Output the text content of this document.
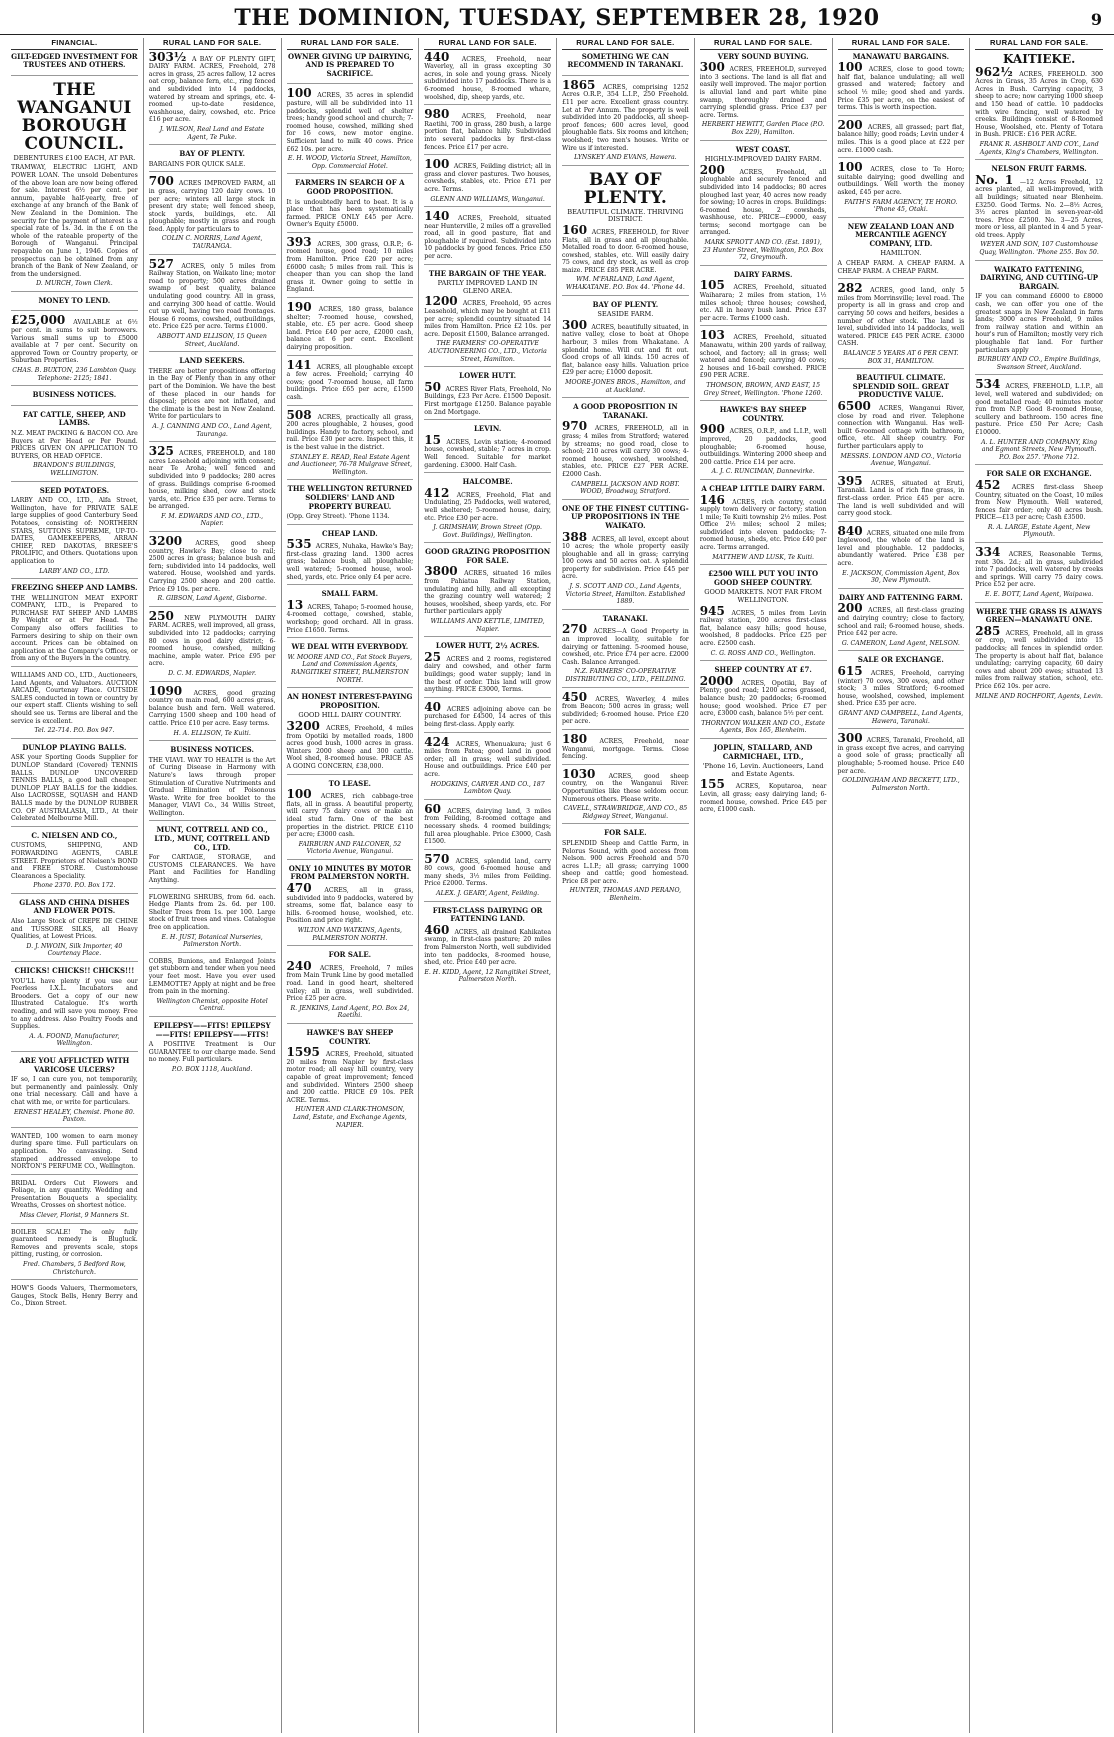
THE DOMINION, TUESDAY, SEPTEMBER 28, 1920	9
FINANCIAL.
GILT-EDGED INVESTMENT FOR TRUSTEES AND OTHERS.
THE WANGANUI BOROUGH COUNCIL.
DEBENTURES £100 EACH, AT PAR.
TRAMWAY, ELECTRIC LIGHT, AND POWER LOAN. The unsold Debentures of the above loan are now being offered for sale. Interest 6½ per cent. per annum, payable half-yearly, free of exchange at any branch of the Bank of New Zealand in the Dominion. The security for the payment of interest is a special rate of 1s. 3d. in the £ on the whole of the rateable property of the Borough of Wanganui. Principal repayable on June 1, 1946. Copies of prospectus can be obtained from any branch of the Bank of New Zealand, or from the undersigned.
D. MURCH, Town Clerk.
MONEY TO LEND.
£25,000 AVAILABLE at 6½ per cent. in sums to suit borrowers. Various small sums up to £5000 available at 7 per cent. Security on approved Town or Country property, or Suburban Properties.
CHAS. B. BUXTON, 236 Lambton Quay. Telephone: 2125; 1841.
BUSINESS NOTICES.
FAT CATTLE, SHEEP, AND LAMBS.
N.Z. MEAT PACKING & BACON CO. Are Buyers at Per Head or Per Pound. PRICES GIVEN ON APPLICATION TO BUYERS, OR HEAD OFFICE.
BRANDON'S BUILDINGS, WELLINGTON.
SEED POTATOES.
LARBY AND CO., LTD., Alfa Street, Wellington, have for PRIVATE SALE large supplies of good Canterbury Seed Potatoes, consisting of: NORTHERN STARS, SUTTONS SUPREME, UP-TO-DATES, GAMEKEEPERS, ARRAN CHIEF, RED DAKOTAS, BRESEE'S PROLIFIC, and Others. Quotations upon application to
LARBY AND CO., LTD.
FREEZING SHEEP AND LAMBS.
THE WELLINGTON MEAT EXPORT COMPANY, LTD., is Prepared to PURCHASE FAT SHEEP AND LAMBS By Weight or at Per Head. The Company also offers facilities to Farmers desiring to ship on their own account. Prices can be obtained on application at the Company's Offices, or from any of the Buyers in the country.
WILLIAMS AND CO., LTD., Auctioneers, Land Agents, and Valuators. AUCTION ARCADE, Courtenay Place. OUTSIDE SALES conducted in town or country by our expert staff. Clients wishing to sell should see us. Terms are liberal and the service is excellent.
Tel. 22-714. P.O. Box 947.
DUNLOP PLAYING BALLS.
ASK your Sporting Goods Supplier for DUNLOP Standard (Covered) TENNIS BALLS. DUNLOP UNCOVERED TENNIS BALLS, a good ball cheaper. DUNLOP PLAY BALLS for the kiddies. Also LACROSSE, SQUASH and HAND BALLS made by the DUNLOP RUBBER CO. OF AUSTRALASIA, LTD., At their Celebrated Melbourne Mill.
C. NIELSEN AND CO.,
CUSTOMS, SHIPPING, AND FORWARDING AGENTS, CABLE STREET. Proprietors of Nielsen's BOND and FREE STORE. Customhouse Clearances a Speciality.
Phone 2370. P.O. Box 172.
GLASS AND CHINA DISHES AND FLOWER POTS.
Also Large Stock of CREPE DE CHINE and TUSSORE SILKS, all Heavy Qualities, at Lowest Prices.
D. J. NWOIN, Silk Importer, 40 Courtenay Place.
CHICKS! CHICKS!! CHICKS!!!
YOU'LL have plenty if you use our Peerless I.X.L. Incubators and Brooders. Get a copy of our new Illustrated Catalogue. It's worth reading, and will save you money. Free to any address. Also Poultry Foods and Supplies.
A. A. FOOND, Manufacturer, Wellington.
ARE YOU AFFLICTED WITH VARICOSE ULCERS?
IF so, I can cure you, not temporarily, but permanently and painlessly. Only one trial necessary. Call and have a chat with me, or write for particulars.
ERNEST HEALEY, Chemist. Phone 80. Paxton.
WANTED, 100 women to earn money during spare time. Full particulars on application. No canvassing. Send stamped addressed envelope to NORTON'S PERFUME CO., Wellington.
BRIDAL Orders Cut Flowers and Foliage, in any quantity. Wedding and Presentation Bouquets a speciality. Wreaths, Crosses on shortest notice.
Miss Clever, Florist, 9 Manners St.
BOILER SCALE! The only fully guaranteed remedy is Blugluck. Removes and prevents scale, stops pitting, rusting, or corrosion.
Fred. Chambers, 5 Bedford Row, Christchurch.
HOW'S Goods Valuers, Thermometers, Gauges, Stock Bells, Henry Berry and Co., Dixon Street.
RURAL LAND FOR SALE.
303½ A BAY OF PLENTY GIFT, DAIRY FARM. ACRES, Freehold, 278 acres in grass, 25 acres fallow, 12 acres oat crop, balance fern, etc., ring fenced and subdivided into 14 paddocks, watered by stream and springs, etc. 4-roomed up-to-date residence, washhouse, dairy, cowshed, etc. Price £16 per acre.
J. WILSON, Real Land and Estate Agent, Te Puke.
BAY OF PLENTY.
BARGAINS FOR QUICK SALE.
700 ACRES IMPROVED FARM, all in grass, carrying 120 dairy cows. 10 per acre; winters all large stock in present dry state; well fenced sheep, stock yards, buildings, etc. All ploughable; mostly in grass and rough feed. Apply for particulars to
COLIN C. NORRIS, Land Agent, TAURANGA.
527 ACRES, only 5 miles from Railway Station, on Waikato line; motor road to property; 500 acres drained swamp of best quality, balance undulating good country. All in grass, and carrying 300 head of cattle. Would cut up well, having two road frontages. House 6 rooms, cowshed, outbuildings, etc. Price £25 per acre. Terms £1000.
ABBOTT AND ELLISON, 15 Queen Street, Auckland.
LAND SEEKERS.
THERE are better propositions offering in the Bay of Plenty than in any other part of the Dominion. We have the best of these placed in our hands for disposal; prices are not inflated, and the climate is the best in New Zealand. Write for particulars to
A. J. CANNING AND CO., Land Agent, Tauranga.
325 ACRES, FREEHOLD, and 180 acres Leasehold adjoining with consent; near Te Aroha; well fenced and subdivided into 9 paddocks; 280 acres of grass. Buildings comprise 6-roomed house, milking shed, cow and stock yards, etc. Price £35 per acre. Terms to be arranged.
F. M. EDWARDS AND CO., LTD., Napier.
3200 ACRES, good sheep country, Hawke's Bay; close to rail; 2500 acres in grass; balance bush and fern; subdivided into 14 paddocks, well watered. House, woolshed and yards. Carrying 2500 sheep and 200 cattle. Price £9 10s. per acre.
R. GIBSON, Land Agent, Gisborne.
250 NEW PLYMOUTH DAIRY FARM. ACRES, well improved, all grass, subdivided into 12 paddocks; carrying 80 cows in good dairy district; 6-roomed house, cowshed, milking machine, ample water. Price £95 per acre.
D. C. M. EDWARDS, Napier.
1090 ACRES, good grazing country on main road, 600 acres grass, balance bush and fern. Well watered. Carrying 1500 sheep and 100 head of cattle. Price £10 per acre. Easy terms.
H. A. ELLISON, Te Kuiti.
BUSINESS NOTICES.
THE VIAVI. WAY TO HEALTH is the Art of Curing Disease in Harmony with Nature's laws through proper Stimulation of Curative Nutriments and Gradual Elimination of Poisonous Waste. Write for free booklet to the Manager, VIAVI Co., 34 Willis Street, Wellington.
MUNT, COTTRELL AND CO., LTD., MUNT, COTTRELL AND CO., LTD.
For CARTAGE, STORAGE, and CUSTOMS CLEARANCES. We have Plant and Facilities for Handling Anything.
FLOWERING SHRUBS, from 6d. each. Hedge Plants from 2s. 6d. per 100. Shelter Trees from 1s. per 100. Large stock of fruit trees and vines. Catalogue free on application.
E. H. JUST, Botanical Nurseries, Palmerston North.
COBBS, Bunions, and Enlarged Joints get stubborn and tender when you need your feet most. Have you ever used LEMMOTTE? Apply at night and be free from pain in the morning.
Wellington Chemist, opposite Hotel Central.
EPILEPSY——FITS! EPILEPSY——FITS! EPILEPSY——FITS!
A POSITIVE Treatment is Our GUARANTEE to our charge made. Send no money. Full particulars.
P.O. BOX 1118, Auckland.
RURAL LAND FOR SALE.
OWNER GIVING UP DAIRYING, AND IS PREPARED TO SACRIFICE.
100 ACRES, 35 acres in splendid pasture, will all be subdivided into 11 paddocks, splendid well of shelter trees; handy good school and church; 7-roomed house, cowshed, milking shed for 16 cows, new motor engine. Sufficient land to milk 40 cows. Price £62 10s. per acre.
E. H. WOOD, Victoria Street, Hamilton, Opp. Commercial Hotel.
FARMERS IN SEARCH OF A GOOD PROPOSITION.
It is undoubtedly hard to beat. It is a place that has been systematically farmed. PRICE ONLY £45 per Acre. Owner's Equity £5000.
393 ACRES, 300 grass, O.R.P.; 6-roomed house, good road; 10 miles from Hamilton. Price £20 per acre; £6000 cash; 5 miles from rail. This is cheaper than you can shop the land grass it. Owner going to settle in England.
190 ACRES, 180 grass, balance shelter; 7-roomed house, cowshed, stable, etc. £5 per acre. Good sheep land. Price £40 per acre, £2000 cash, balance at 6 per cent. Excellent dairying proposition.
141 ACRES, all ploughable except a few acres. Freehold; carrying 40 cows; good 7-roomed house, all farm buildings. Price £65 per acre, £1500 cash.
508 ACRES, practically all grass, 200 acres ploughable, 2 houses, good buildings. Handy to factory, school, and rail. Price £30 per acre. Inspect this, it is the best value in the district.
STANLEY E. READ, Real Estate Agent and Auctioneer, 76-78 Mulgrave Street, Wellington.
THE WELLINGTON RETURNED SOLDIERS' LAND AND PROPERTY BUREAU.
(Opp. Grey Street). 'Phone 1134.
CHEAP LAND.
535 ACRES, Nuhaka, Hawke's Bay; first-class grazing land. 1300 acres grass; balance bush, all ploughable; well watered; 5-roomed house, wool-shed, yards, etc. Price only £4 per acre.
SMALL FARM.
13 ACRES, Tahapo; 5-roomed house, 4-roomed cottage, cowshed, stable, workshop; good orchard. All in grass. Price £1650. Terms.
WE DEAL WITH EVERYBODY.
W. MOORE AND CO., Fat Stock Buyers, Land and Commission Agents, RANGITIKEI STREET, PALMERSTON NORTH.
AN HONEST INTEREST-PAYING PROPOSITION.
GOOD HILL DAIRY COUNTRY.
3200 ACRES, Freehold, 4 miles from Opotiki by metalled roads, 1800 acres good bush, 1000 acres in grass. Winters 2000 sheep and 300 cattle. Wool shed, 8-roomed house. PRICE AS A GOING CONCERN, £38,000.
TO LEASE.
100 ACRES, rich cabbage-tree flats, all in grass. A beautiful property, will carry 75 dairy cows or make an ideal stud farm. One of the best properties in the district. PRICE £110 per acre; £3000 cash.
FAIRBURN AND FALCONER, 52 Victoria Avenue, Wanganui.
ONLY 10 MINUTES BY MOTOR FROM PALMERSTON NORTH.
470 ACRES, all in grass, subdivided into 9 paddocks, watered by streams, some flat, balance easy to hills. 6-roomed house, woolshed, etc. Position and price right.
WILTON AND WATKINS, Agents, PALMERSTON NORTH.
FOR SALE.
240 ACRES, Freehold, 7 miles from Main Trunk Line by good metalled road. Land in good heart, sheltered valley; all in grass, well subdivided. Price £25 per acre.
R. JENKINS, Land Agent, P.O. Box 24, Raetihi.
HAWKE'S BAY SHEEP COUNTRY.
1595 ACRES, Freehold, situated 20 miles from Napier by first-class motor road; all easy hill country, very capable of great improvement; fenced and subdivided. Winters 2500 sheep and 200 cattle. PRICE £9 10s. PER ACRE. Terms.
HUNTER AND CLARK-THOMSON, Land, Estate, and Exchange Agents, NAPIER.
RURAL LAND FOR SALE.
440 ACRES, Freehold, near Waverley, all in grass excepting 30 acres, in sole and young grass. Nicely subdivided into 17 paddocks. There is a 6-roomed house, 8-roomed whare, woolshed, dip, sheep yards, etc.
980 ACRES, Freehold, near Raetihi, 700 in grass, 280 bush, a large portion flat, balance hilly. Subdivided into several paddocks by first-class fences. Price £17 per acre.
100 ACRES, Feilding district; all in grass and clover pastures. Two houses, cowsheds, stables, etc. Price £71 per acre. Terms.
GLENN AND WILLIAMS, Wanganui.
140 ACRES, Freehold, situated near Hunterville, 2 miles off a gravelled road, all in good pasture, flat and ploughable if required. Subdivided into 10 paddocks by good fences. Price £50 per acre.
THE BARGAIN OF THE YEAR.
PARTLY IMPROVED LAND IN GLENO AREA.
1200 ACRES, Freehold, 95 acres Leasehold, which may be bought at £11 per acre; splendid country situated 14 miles from Hamilton. Price £2 10s. per acre. Deposit £1500, Balance arranged.
THE FARMERS' CO-OPERATIVE AUCTIONEERING CO., LTD., Victoria Street, Hamilton.
LOWER HUTT.
50 ACRES River Flats, Freehold, No Buildings, £23 Per Acre. £1500 Deposit. First mortgage £1250. Balance payable on 2nd Mortgage.
LEVIN.
15 ACRES, Levin station; 4-roomed house, cowshed, stable; 7 acres in crop. Well fenced. Suitable for market gardening. £3000. Half Cash.
HALCOMBE.
412 ACRES, Freehold, Flat and Undulating, 25 Paddocks, well watered, well sheltered; 5-roomed house, dairy, etc. Price £30 per acre.
J. GRIMSHAW, Brown Street (Opp. Govt. Buildings), Wellington.
GOOD GRAZING PROPOSITION FOR SALE.
3800 ACRES, situated 16 miles from Pahiatua Railway Station, undulating and hilly, and all excepting the grazing country well watered; 2 houses, woolshed, sheep yards, etc. For further particulars apply
WILLIAMS AND KETTLE, LIMITED, Napier.
LOWER HUTT, 2½ ACRES.
25 ACRES and 2 rooms, registered dairy and cowshed, and other farm buildings; good water supply; land in the best of order. This land will grow anything. PRICE £3000, Terms.
40 ACRES adjoining above can be purchased for £4500, 14 acres of this being first-class. Apply early.
424 ACRES, Whenuakura; just 6 miles from Patea; good land in good order; all in grass; well subdivided. House and outbuildings. Price £40 per acre.
HODGKINS, CARVER AND CO., 187 Lambton Quay.
60 ACRES, dairying land, 3 miles from Feilding, 8-roomed cottage and necessary sheds. 4 roomed buildings; full area ploughable. Price £3000, Cash £1500.
570 ACRES, splendid land, carry 80 cows, good 6-roomed house and many sheds, 3½ miles from Feilding. Price £2000. Terms.
ALEX. J. GEARY, Agent, Feilding.
FIRST-CLASS DAIRYING OR FATTENING LAND.
460 ACRES, all drained Kahikatea swamp, in first-class pasture; 20 miles from Palmerston North, well subdivided into ten paddocks, 8-roomed house, shed, etc. Price £40 per acre.
E. H. KIDD, Agent, 12 Rangitikei Street, Palmerston North.
RURAL LAND FOR SALE.
SOMETHING WE CAN RECOMMEND IN TARANAKI.
1865 ACRES, comprising 1252 Acres O.R.P., 354 L.I.P., 250 Freehold. £11 per acre. Excellent grass country. Let at Per Annum. The property is well subdivided into 20 paddocks, all sheep-proof fences; 600 acres level, good ploughable flats. Six rooms and kitchen; woolshed; two men's houses. Write or Wire us if interested.
LYNSKEY AND EVANS, Hawera.
BAY OF PLENTY.
BEAUTIFUL CLIMATE. THRIVING DISTRICT.
160 ACRES, FREEHOLD, for River Flats, all in grass and all ploughable. Metalled road to door. 6-roomed house, cowshed, stables, etc. Will easily dairy 75 cows, and dry stock, as well as crop maize. PRICE £85 PER ACRE.
WM. M'FARLAND, Land Agent, WHAKATANE. P.O. Box 44. 'Phone 44.
BAY OF PLENTY.
SEASIDE FARM.
300 ACRES, beautifully situated, in native valley, close to boat at Ohope harbour, 3 miles from Whakatane. A splendid home. Will cut and fit out. Good crops of all kinds. 150 acres of flat, balance easy hills. Valuation price £29 per acre; £1000 deposit.
MOORE-JONES BROS., Hamilton, and at Auckland.
A GOOD PROPOSITION IN TARANAKI.
970 ACRES, FREEHOLD, all in grass; 4 miles from Stratford; watered by streams; no good road, close to school; 210 acres will carry 30 cows; 4-roomed house, cowshed, woolshed, stables, etc. PRICE £27 PER ACRE. £2000 Cash.
CAMPBELL JACKSON AND ROBT. WOOD, Broadway, Stratford.
ONE OF THE FINEST CUTTING-UP PROPOSITIONS IN THE WAIKATO.
388 ACRES, all level, except about 10 acres; the whole property easily ploughable and all in grass; carrying 100 cows and 50 acres oat. A splendid property for subdivision. Price £45 per acre.
J. S. SCOTT AND CO., Land Agents, Victoria Street, Hamilton. Established 1889.
TARANAKI.
270 ACRES—A Good Property in an improved locality, suitable for dairying or fattening. 5-roomed house, cowshed, etc. Price £74 per acre. £2000 Cash. Balance Arranged.
N.Z. FARMERS' CO-OPERATIVE DISTRIBUTING CO., LTD., FEILDING.
450 ACRES, Waverley, 4 miles from Beacon; 500 acres in grass; well subdivided; 6-roomed house. Price £20 per acre.
180 ACRES, Freehold, near Wanganui, mortgage. Terms. Close fencing.
1030 ACRES, good sheep country, on the Wanganui River. Opportunities like these seldom occur. Numerous others. Please write.
CAVELL, STRAWBRIDGE, AND CO., 85 Ridgway Street, Wanganui.
FOR SALE.
SPLENDID Sheep and Cattle Farm, in Pelorus Sound, with good access from Nelson. 900 acres Freehold and 570 acres L.I.P.; all grass; carrying 1000 sheep and cattle; good homestead. Price £8 per acre.
HUNTER, THOMAS AND PERANO, Blenheim.
RURAL LAND FOR SALE.
VERY SOUND BUYING.
300 ACRES, FREEHOLD, surveyed into 3 sections. The land is all flat and easily well improved. The major portion is alluvial land and part white pine swamp, thoroughly drained and carrying splendid grass. Price £37 per acre. Terms.
HERBERT HEWITT, Garden Place (P.O. Box 229), Hamilton.
WEST COAST.
HIGHLY-IMPROVED DAIRY FARM.
200 ACRES, Freehold, all ploughable and securely fenced and subdivided into 14 paddocks; 80 acres ploughed last year, 40 acres now ready for sowing; 10 acres in crops. Buildings: 6-roomed house, 2 cowsheds, washhouse, etc. PRICE—£9000, easy terms; second mortgage can be arranged.
MARK SPROTT AND CO. (Est. 1891), 23 Hunter Street, Wellington, P.O. Box 72, Greymouth.
DAIRY FARMS.
105 ACRES, Freehold, situated Waiharara; 2 miles from station, 1½ miles school; three houses; cowshed, etc. All in heavy bush land. Price £37 per acre. Terms £1000 cash.
103 ACRES, Freehold, situated Manawatu, within 200 yards of railway, school, and factory; all in grass; well watered and fenced; carrying 40 cows; 2 houses and 16-bail cowshed. PRICE £90 PER ACRE.
THOMSON, BROWN, AND EAST, 15 Grey Street, Wellington. 'Phone 1260.
HAWKE'S BAY SHEEP COUNTRY.
900 ACRES, O.R.P., and L.I.P., well improved, 20 paddocks, good ploughable; 6-roomed house, outbuildings. Wintering 2000 sheep and 200 cattle. Price £14 per acre.
A. J. C. RUNCIMAN, Dannevirke.
A CHEAP LITTLE DAIRY FARM.
146 ACRES, rich country, could supply town delivery or factory; station 1 mile; Te Kuiti township 2½ miles. Post Office 2½ miles; school 2 miles; subdivided into eleven paddocks; 7-roomed house, sheds, etc. Price £40 per acre. Terms arranged.
MATTHEW AND LUSK, Te Kuiti.
£2500 WILL PUT YOU INTO GOOD SHEEP COUNTRY.
GOOD MARKETS. NOT FAR FROM WELLINGTON.
945 ACRES, 5 miles from Levin railway station, 200 acres first-class flat, balance easy hills; good house, woolshed, 8 paddocks. Price £25 per acre. £2500 cash.
C. G. ROSS AND CO., Wellington.
SHEEP COUNTRY AT £7.
2000 ACRES, Opotiki, Bay of Plenty; good road; 1200 acres grassed, balance bush; 20 paddocks; 6-roomed house; good woolshed. Price £7 per acre, £3000 cash, balance 5½ per cent.
THORNTON WALKER AND CO., Estate Agents, Box 165, Blenheim.
JOPLIN, STALLARD, AND CARMICHAEL, LTD.,
'Phone 16, Levin. Auctioneers, Land and Estate Agents.
155 ACRES, Koputaroa, near Levin, all grass; easy dairying land; 6-roomed house, cowshed. Price £45 per acre, £1000 cash.
RURAL LAND FOR SALE.
MANAWATU BARGAINS.
100 ACRES, close to good town; half flat, balance undulating; all well grassed and watered; factory and school ½ mile; good shed and yards. Price £35 per acre, on the easiest of terms. This is worth inspection.
200 ACRES, all grassed; part flat, balance hilly; good roads; Levin under 4 miles. This is a good place at £22 per acre. £1000 cash.
100 ACRES, close to Te Horo; suitable dairying; good dwelling and outbuildings. Well worth the money asked, £45 per acre.
FAITH'S FARM AGENCY, TE HORO. 'Phone 45, Otaki.
NEW ZEALAND LOAN AND MERCANTILE AGENCY COMPANY, LTD.
HAMILTON.
A CHEAP FARM. A CHEAP FARM. A CHEAP FARM. A CHEAP FARM.
282 ACRES, good land, only 5 miles from Morrinsville; level road. The property is all in grass and crop and carrying 50 cows and heifers, besides a number of other stock. The land is level, subdivided into 14 paddocks, well watered. PRICE £45 PER ACRE. £3000 CASH.
BALANCE 5 YEARS AT 6 PER CENT. BOX 31, HAMILTON.
BEAUTIFUL CLIMATE. SPLENDID SOIL. GREAT PRODUCTIVE VALUE.
6500 ACRES, Wanganui River, close by road and river. Telephone connection with Wanganui. Has well-built 6-roomed cottage with bathroom, office, etc. All sheep country. For further particulars apply to
MESSRS. LONDON AND CO., Victoria Avenue, Wanganui.
395 ACRES, situated at Eruti, Taranaki. Land is of rich fine grass, in first-class order. Price £45 per acre. The land is well subdivided and will carry good stock.
840 ACRES, situated one mile from Inglewood, the whole of the land is level and ploughable. 12 paddocks, abundantly watered. Price £38 per acre.
E. JACKSON, Commission Agent, Box 30, New Plymouth.
DAIRY AND FATTENING FARM.
200 ACRES, all first-class grazing and dairying country; close to factory, school and rail; 6-roomed house, sheds. Price £42 per acre.
G. CAMERON, Land Agent, NELSON.
SALE OR EXCHANGE.
615 ACRES, Freehold, carrying (winter) 70 cows, 300 ewes, and other stock; 3 miles Stratford; 6-roomed house, woolshed, cowshed, implement shed. Price £35 per acre.
GRANT AND CAMPBELL, Land Agents, Hawera, Taranaki.
300 ACRES, Taranaki, Freehold, all in grass except five acres, and carrying a good sole of grass; practically all ploughable; 5-roomed house. Price £40 per acre.
GOLDINGHAM AND BECKETT, LTD., Palmerston North.
RURAL LAND FOR SALE.
KAITIEKE.
962½ ACRES, FREEHOLD. 300 Acres in Grass, 35 Acres in Crop, 630 Acres in Bush. Carrying capacity, 3 sheep to acre; now carrying 1000 sheep and 150 head of cattle. 10 paddocks with wire fencing, well watered by creeks. Buildings consist of 8-Roomed House, Woolshed, etc. Plenty of Totara in Bush. PRICE: £16 PER ACRE.
FRANK R. ASHBOLT AND COY., Land Agents, King's Chambers, Wellington.
NELSON FRUIT FARMS.
No. 1 —12 Acres Freehold, 12 acres planted, all well-improved, with all buildings; situated near Blenheim. £3250. Good Terms. No. 2—8½ Acres, 3½ acres planted in seven-year-old trees. Price £2500. No. 3—25 Acres, more or less, all planted in 4 and 5 year-old trees. Apply
WEYER AND SON, 107 Customhouse Quay, Wellington. 'Phone 255. Box 50.
WAIKATO FATTENING, DAIRYING, AND CUTTING-UP BARGAIN.
IF you can command £6000 to £8000 cash, we can offer you one of the greatest snaps in New Zealand in farm lands; 3000 acres Freehold, 9 miles from railway station and within an hour's run of Hamilton; mostly very rich ploughable flat land. For further particulars apply
BURBURY AND CO., Empire Buildings, Swanson Street, Auckland.
534 ACRES, FREEHOLD, L.I.P., all level, well watered and subdivided; on good metalled road; 40 minutes motor run from N.P. Good 8-roomed House, scullery and bathroom. 150 acres fine pasture. Price £50 Per Acre; Cash £10000.
A. L. HUNTER AND COMPANY, King and Egmont Streets, New Plymouth. P.O. Box 257. 'Phone 712.
FOR SALE OR EXCHANGE.
452 ACRES first-class Sheep Country, situated on the Coast, 10 miles from New Plymouth. Well watered, fences fair order; only 40 acres bush. PRICE—£13 per acre; Cash £3500.
R. A. LARGE, Estate Agent, New Plymouth.
334 ACRES, Reasonable Terms, rent 30s. 2d.; all in grass, subdivided into 7 paddocks, well watered by creeks and springs. Will carry 75 dairy cows. Price £52 per acre.
E. E. BOTT, Land Agent, Waipawa.
WHERE THE GRASS IS ALWAYS GREEN—MANAWATU ONE.
285 ACRES, Freehold, all in grass or crop, well subdivided into 15 paddocks; all fences in splendid order. The property is about half flat, balance undulating; carrying capacity, 60 dairy cows and about 200 ewes; situated 13 miles from railway station, school, etc. Price £62 10s. per acre.
MILNE AND ROCHFORT, Agents, Levin.
